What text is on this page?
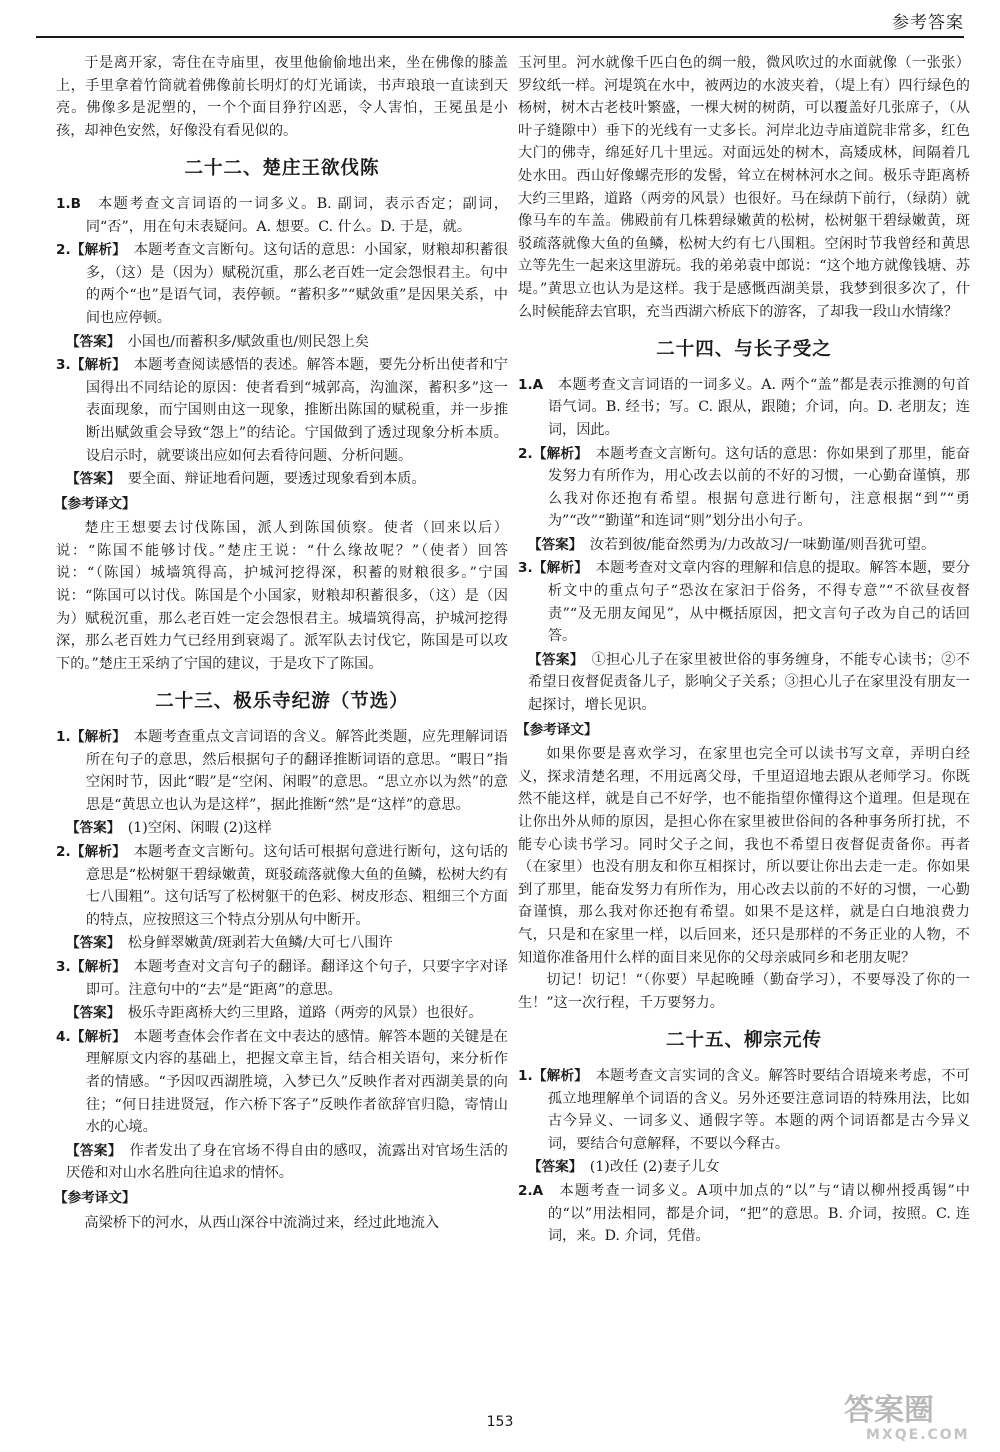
参考答案

于是离开家，寄住在寺庙里，夜里他偷偷地出来，坐在佛像的膝盖上，手里拿着竹筒就着佛像前长明灯的灯光诵读，书声琅琅一直读到天亮。佛像多是泥塑的，一个个面目狰狞凶恶，令人害怕，王冕虽是小孩，却神色安然，好像没有看见似的。

二十二、楚庄王欲伐陈

1.B　 本题考查文言词语的一词多义。B. 副词，表示否定；副词，同“否”，用在句末表疑问。A. 想要。C. 什么。D. 于是，就。

2.【解析】　 本题考查文言断句。这句话的意思：小国家，财粮却积蓄很多，（这）是（因为）赋税沉重，那么老百姓一定会怨恨君主。句中的两个“也”是语气词，表停顿。“蓄积多”“赋敛重”是因果关系，中间也应停顿。

【答案】　 小国也/而蓄积多/赋敛重也/则民怨上矣

3.【解析】　 本题考查阅读感悟的表述。解答本题，要先分析出使者和宁国得出不同结论的原因：使者看到“城郭高，沟洫深，蓄积多”这一表面现象，而宁国则由这一现象，推断出陈国的赋税重，并一步推断出赋敛重会导致“怨上”的结论。宁国做到了透过现象分析本质。设启示时，就要谈出应如何去看待问题、分析问题。

【答案】　 要全面、辩证地看问题，要透过现象看到本质。

【参考译文】

楚庄王想要去讨伐陈国，派人到陈国侦察。使者（回来以后）说：“陈国不能够讨伐。”楚庄王说：“什么缘故呢？”（使者）回答说：“（陈国）城墙筑得高，护城河挖得深，积蓄的财粮很多。”宁国说：“陈国可以讨伐。陈国是个小国家，财粮却积蓄很多，（这）是（因为）赋税沉重，那么老百姓一定会怨恨君主。城墙筑得高，护城河挖得深，那么老百姓力气已经用到衰竭了。派军队去讨伐它，陈国是可以攻下的。”楚庄王采纳了宁国的建议，于是攻下了陈国。

二十三、极乐寺纪游（节选）

1.【解析】　 本题考查重点文言词语的含义。解答此类题，应先理解词语所在句子的意思，然后根据句子的翻译推断词语的意思。“暇日”指空闲时节，因此“暇”是“空闲、闲暇”的意思。“思立亦以为然”的意思是“黄思立也认为是这样”，据此推断“然”是“这样”的意思。

【答案】　 (1)空闲、闲暇 (2)这样

2.【解析】　 本题考查文言断句。这句话可根据句意进行断句，这句话的意思是“松树躯干碧绿嫩黄，斑驳疏落就像大鱼的鱼鳞，松树大约有七八围粗”。这句话写了松树躯干的色彩、树皮形态、粗细三个方面的特点，应按照这三个特点分别从句中断开。

【答案】　 松身鲜翠嫩黄/斑剥若大鱼鳞/大可七八围许

3.【解析】　 本题考查对文言句子的翻译。翻译这个句子，只要字字对译即可。注意句中的“去”是“距离”的意思。

【答案】　 极乐寺距离桥大约三里路，道路（两旁的风景）也很好。

4.【解析】　 本题考查体会作者在文中表达的感情。解答本题的关键是在理解原文内容的基础上，把握文章主旨，结合相关语句，来分析作者的情感。“予因叹西湖胜境，入梦已久”反映作者对西湖美景的向往；“何日挂进贤冠，作六桥下客子”反映作者欲辞官归隐，寄情山水的心境。

【答案】　 作者发出了身在官场不得自由的感叹，流露出对官场生活的厌倦和对山水名胜向往追求的情怀。

【参考译文】

高梁桥下的河水，从西山深谷中流淌过来，经过此地流入

玉河里。河水就像千匹白色的绸一般，微风吹过的水面就像（一张张）罗纹纸一样。河堤筑在水中，被两边的水波夹着，（堤上有）四行绿色的杨树，树木古老枝叶繁盛，一棵大树的树荫，可以覆盖好几张席子，（从叶子缝隙中）垂下的光线有一丈多长。河岸北边寺庙道院非常多，红色大门的佛寺，绵延好几十里远。对面远处的树木，高矮成林，间隔着几处水田。西山好像螺壳形的发髻，耸立在树林河水之间。极乐寺距离桥大约三里路，道路（两旁的风景）也很好。马在绿荫下前行，（绿荫）就像马车的车盖。佛殿前有几株碧绿嫩黄的松树，松树躯干碧绿嫩黄，斑驳疏落就像大鱼的鱼鳞，松树大约有七八围粗。空闲时节我曾经和黄思立等先生一起来这里游玩。我的弟弟袁中郎说：“这个地方就像钱塘、苏堤。”黄思立也认为是这样。我于是感慨西湖美景，我梦到很多次了，什么时候能辞去官职，充当西湖六桥底下的游客，了却我一段山水情缘？

二十四、与长子受之

1.A　 本题考查文言词语的一词多义。A. 两个“盖”都是表示推测的句首语气词。B. 经书；写。C. 跟从，跟随；介词，向。D. 老朋友；连词，因此。

2.【解析】　 本题考查文言断句。这句话的意思：你如果到了那里，能奋发努力有所作为，用心改去以前的不好的习惯，一心勤奋谨慎，那么我对你还抱有希望。根据句意进行断句，注意根据“到”“勇为”“改”“勤谨”和连词“则”划分出小句子。

【答案】　 汝若到彼/能奋然勇为/力改故习/一味勤谨/则吾犹可望。

3.【解析】　 本题考查对文章内容的理解和信息的提取。解答本题，要分析文中的重点句子“恐汝在家汩于俗务，不得专意”“不欲昼夜督责”“及无朋友闻见”，从中概括原因，把文言句子改为自己的话回答。

【答案】　 ①担心儿子在家里被世俗的事务缠身，不能专心读书；②不希望日夜督促责备儿子，影响父子关系；③担心儿子在家里没有朋友一起探讨，增长见识。

【参考译文】

如果你要是喜欢学习，在家里也完全可以读书写文章，弄明白经义，探求清楚名理，不用远离父母，千里迢迢地去跟从老师学习。你既然不能这样，就是自己不好学，也不能指望你懂得这个道理。但是现在让你出外从师的原因，是担心你在家里被世俗间的各种事务所打扰，不能专心读书学习。同时父子之间，我也不希望日夜督促责备你。再者（在家里）也没有朋友和你互相探讨，所以要让你出去走一走。你如果到了那里，能奋发努力有所作为，用心改去以前的不好的习惯，一心勤奋谨慎，那么我对你还抱有希望。如果不是这样，就是白白地浪费力气，只是和在家里一样，以后回来，还只是那样的不务正业的人物，不知道你准备用什么样的面目来见你的父母亲戚同乡和老朋友呢？

切记！切记！“（你要）早起晚睡（勤奋学习），不要辱没了你的一生！”这一次行程，千万要努力。

二十五、柳宗元传

1.【解析】　 本题考查文言实词的含义。解答时要结合语境来考虑，不可孤立地理解单个词语的含义。另外还要注意词语的特殊用法，比如古今异义、一词多义、通假字等。本题的两个词语都是古今异义词，要结合句意解释，不要以今释古。

【答案】　 (1)改任 (2)妻子儿女

2.A　 本题考查一词多义。A项中加点的“以”与“请以柳州授禹锡”中的“以”用法相同，都是介词，“把”的意思。B. 介词，按照。C. 连词，来。D. 介词，凭借。

153	答案圈
MXQE.COM
